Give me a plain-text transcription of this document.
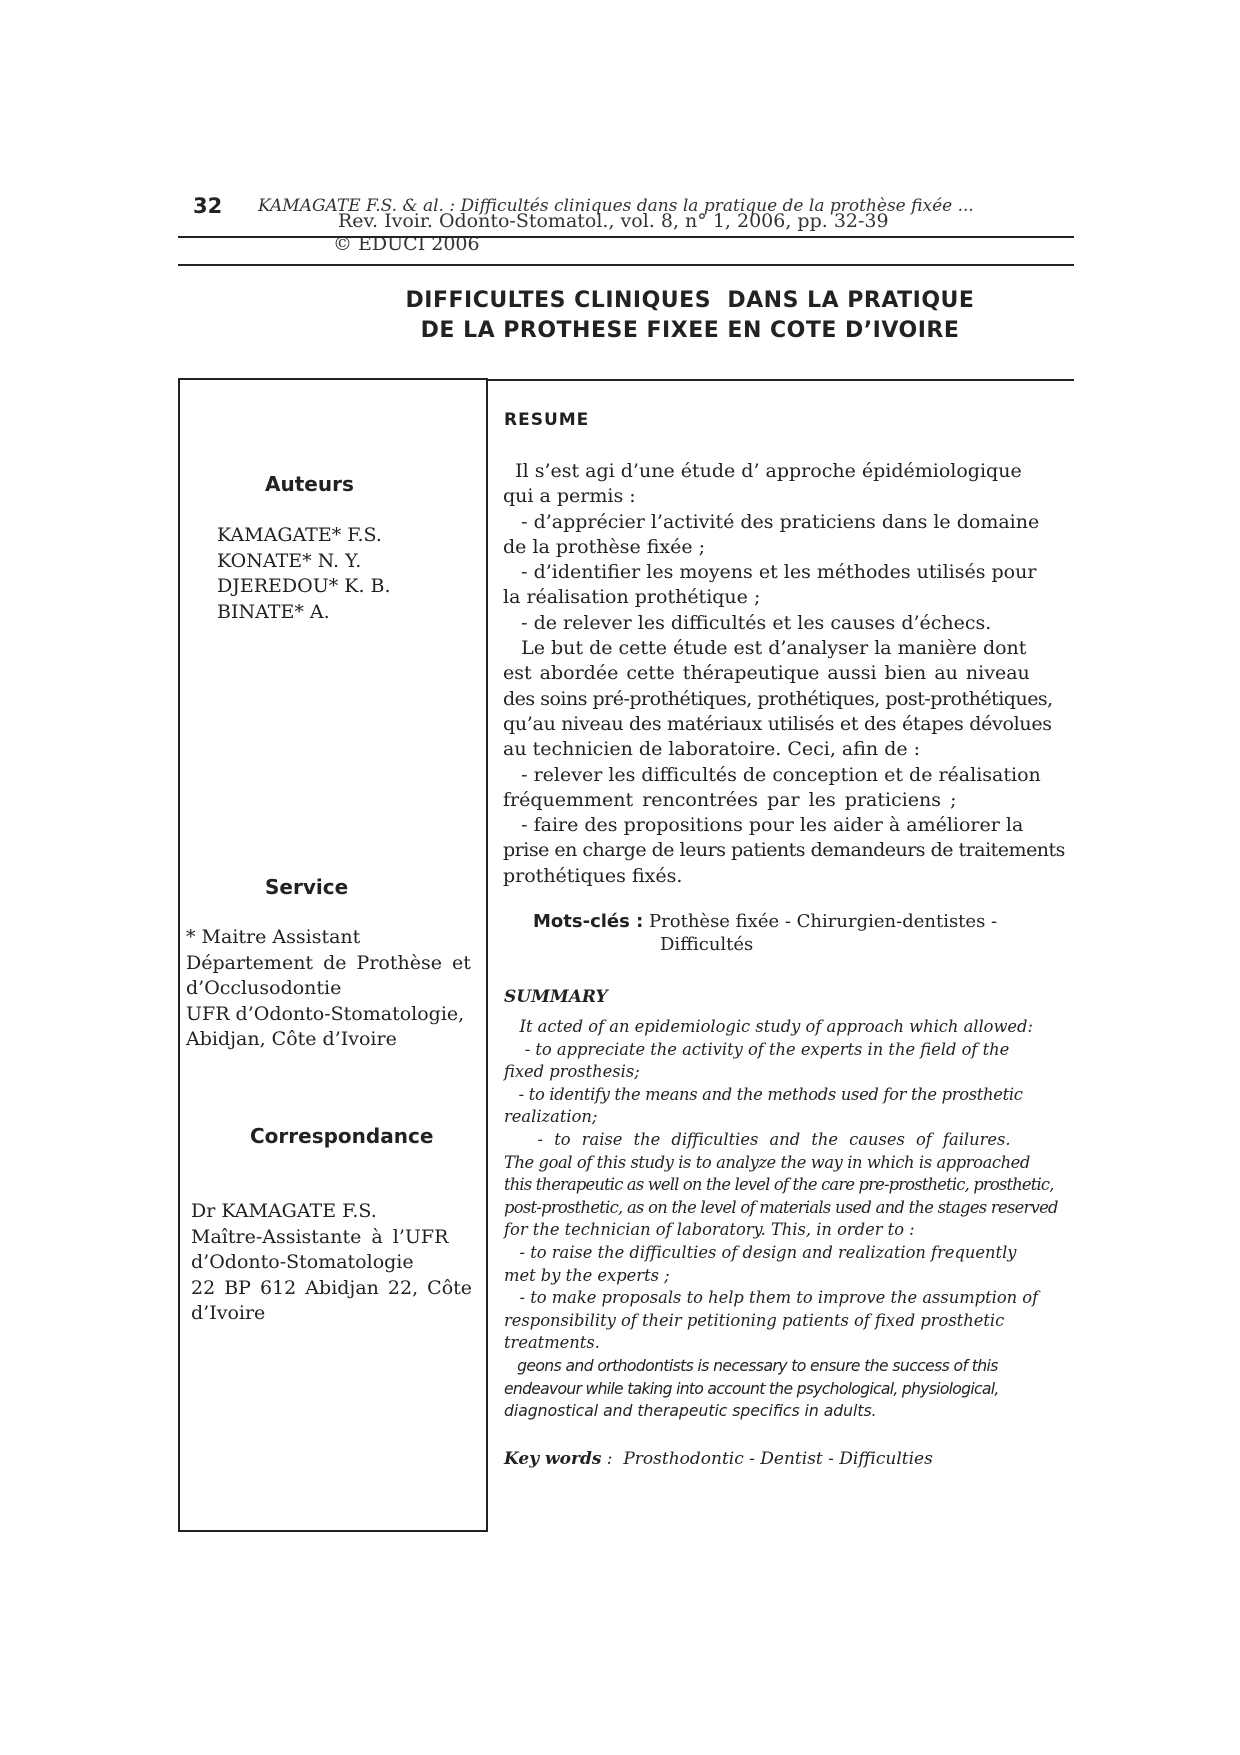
32 KAMAGATE F.S. & al. : Difficultés cliniques dans la pratique de la prothèse fixée ...
Rev. Ivoir. Odonto-Stomatol., vol. 8, n° 1, 2006, pp. 32-39
© EDUCI 2006
DIFFICULTES CLINIQUES  DANS LA PRATIQUE
DE LA PROTHESE FIXEE EN COTE D’IVOIRE
Auteurs
KAMAGATE* F.S.
KONATE* N. Y.
DJEREDOU* K. B.
BINATE* A.
Service
* Maitre Assistant
Département de Prothèse et
d’Occlusodontie
UFR d’Odonto-Stomatologie,
Abidjan, Côte d’Ivoire
Correspondance
Dr KAMAGATE F.S.
Maître-Assistante à l’UFR
d’Odonto-Stomatologie
22 BP 612 Abidjan 22, Côte
d’Ivoire
RESUME
Il s’est agi d’une étude d’ approche épidémiologique
qui a permis :
- d’apprécier l’activité des praticiens dans le domaine
de la prothèse fixée ;
- d’identifier les moyens et les méthodes utilisés pour
la réalisation prothétique ;
- de relever les difficultés et les causes d’échecs.
Le but de cette étude est d’analyser la manière dont
est abordée cette thérapeutique aussi bien au niveau
des soins pré-prothétiques, prothétiques, post-prothétiques,
qu’au niveau des matériaux utilisés et des étapes dévolues
au technicien de laboratoire. Ceci, afin de :
- relever les difficultés de conception et de réalisation
fréquemment rencontrées par les praticiens ;
- faire des propositions pour les aider à améliorer la
prise en charge de leurs patients demandeurs de traitements
prothétiques fixés.
Mots-clés : Prothèse fixée - Chirurgien-dentistes -
Difficultés
SUMMARY
It acted of an epidemiologic study of approach which allowed:
- to appreciate the activity of the experts in the field of the
fixed prosthesis;
- to identify the means and the methods used for the prosthetic
realization;
- to raise the difficulties and the causes of failures.
The goal of this study is to analyze the way in which is approached
this therapeutic as well on the level of the care pre-prosthetic, prosthetic,
post-prosthetic, as on the level of materials used and the stages reserved
for the technician of laboratory. This, in order to :
- to raise the difficulties of design and realization frequently
met by the experts ;
- to make proposals to help them to improve the assumption of
responsibility of their petitioning patients of fixed prosthetic
treatments.
geons and orthodontists is necessary to ensure the success of this
endeavour while taking into account the psychological, physiological,
diagnostical and therapeutic specifics in adults.
Key words :  Prosthodontic - Dentist - Difficulties
